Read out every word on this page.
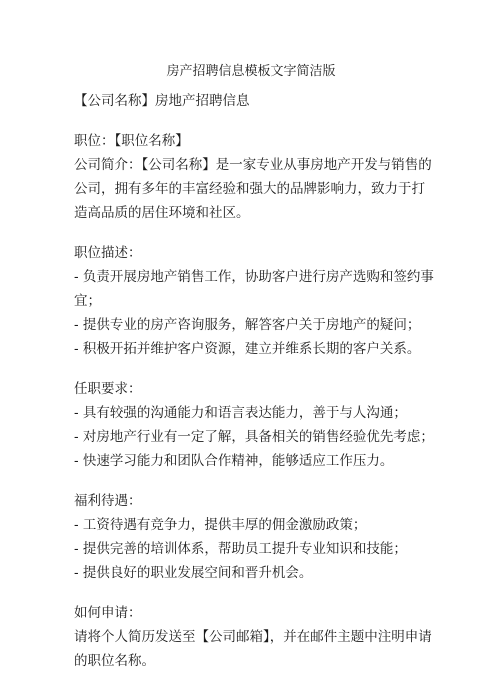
房产招聘信息模板文字简洁版

【公司名称】房地产招聘信息

职位：【职位名称】

公司简介：【公司名称】是一家专业从事房地产开发与销售的公司，拥有多年的丰富经验和强大的品牌影响力，致力于打造高品质的居住环境和社区。

职位描述：

- 负责开展房地产销售工作，协助客户进行房产选购和签约事宜；

- 提供专业的房产咨询服务，解答客户关于房地产的疑问；

- 积极开拓并维护客户资源，建立并维系长期的客户关系。

任职要求：

- 具有较强的沟通能力和语言表达能力，善于与人沟通；

- 对房地产行业有一定了解，具备相关的销售经验优先考虑；

- 快速学习能力和团队合作精神，能够适应工作压力。

福利待遇：

- 工资待遇有竞争力，提供丰厚的佣金激励政策；

- 提供完善的培训体系，帮助员工提升专业知识和技能；

- 提供良好的职业发展空间和晋升机会。

如何申请：

请将个人简历发送至【公司邮箱】，并在邮件主题中注明申请的职位名称。
